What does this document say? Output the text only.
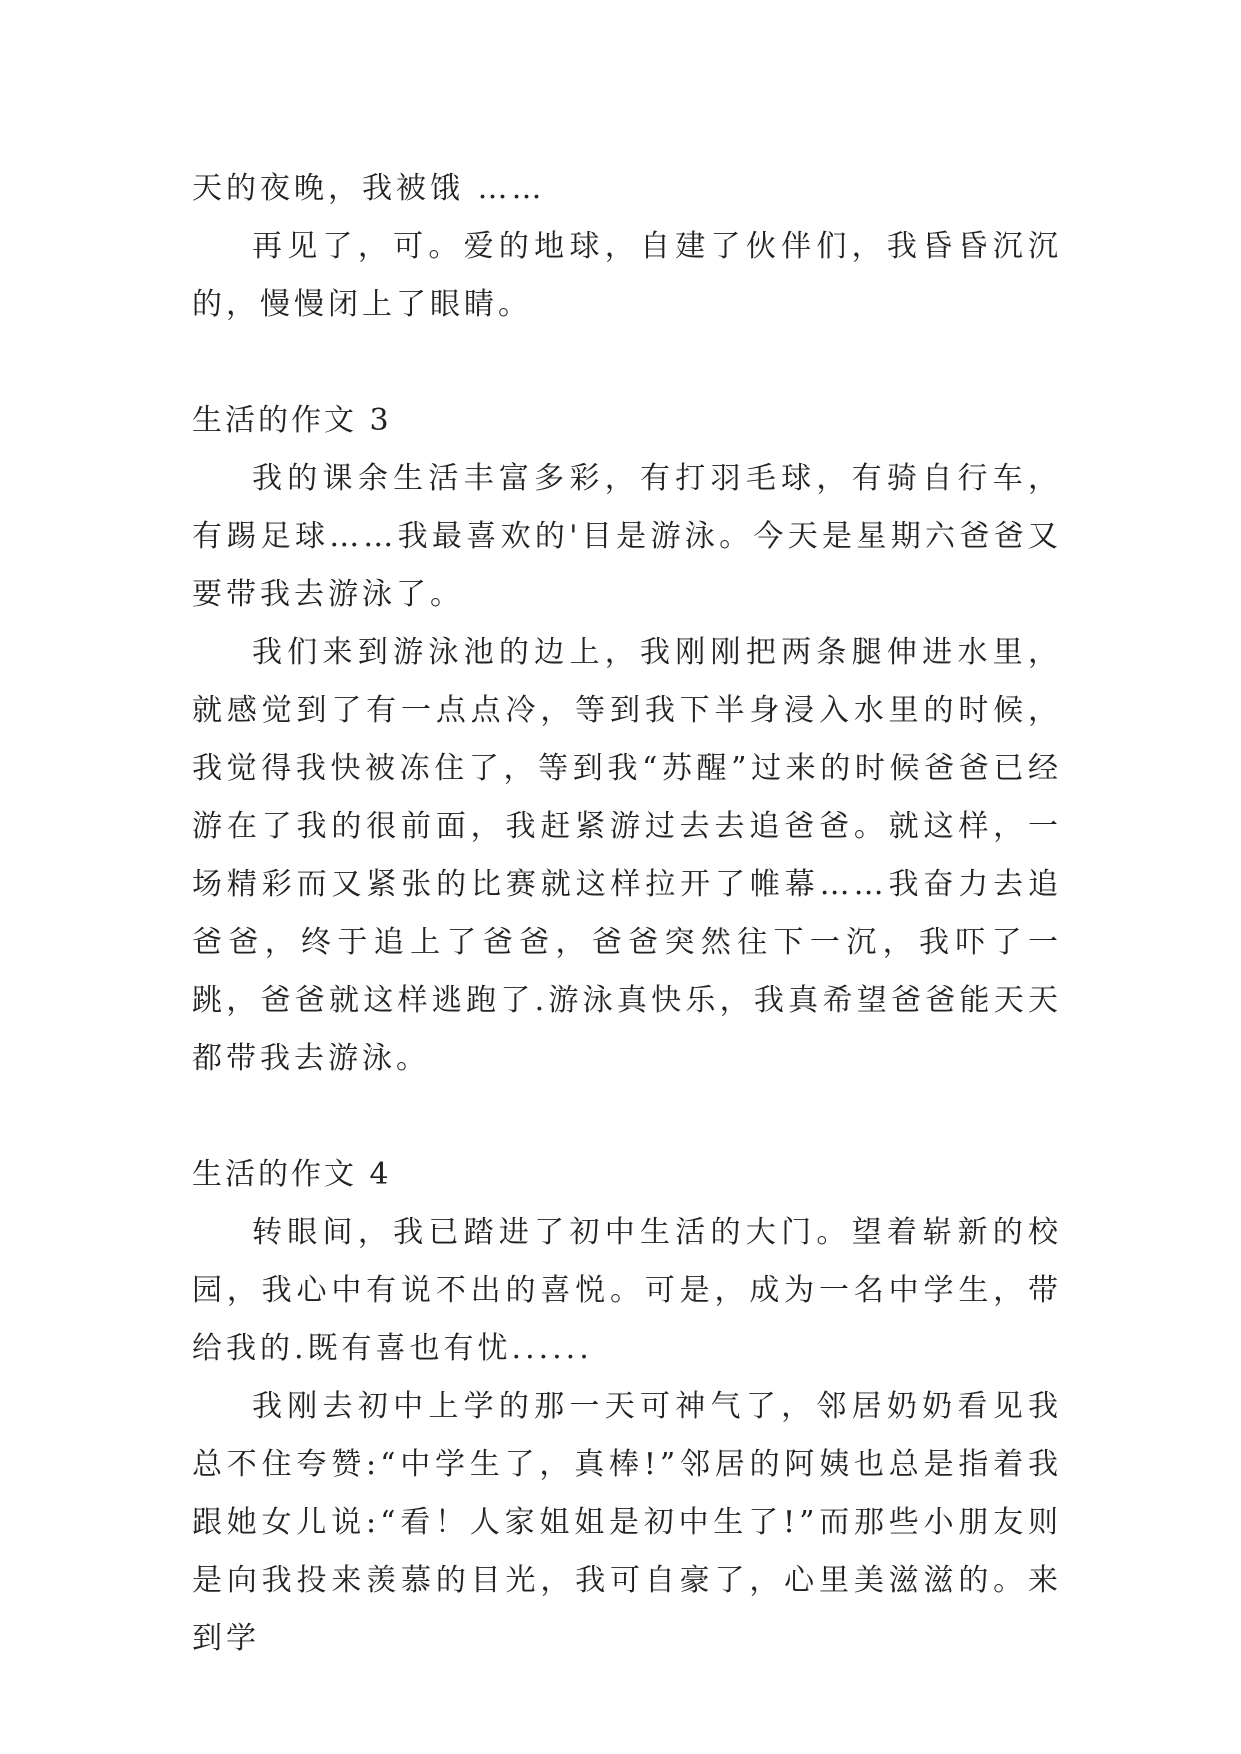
天的夜晚，我被饿 ……

再见了，可。爱的地球，自建了伙伴们，我昏昏沉沉的，慢慢闭上了眼睛。

生活的作文 3

我的课余生活丰富多彩，有打羽毛球，有骑自行车，有踢足球……我最喜欢的'目是游泳。今天是星期六爸爸又要带我去游泳了。

我们来到游泳池的边上，我刚刚把两条腿伸进水里，就感觉到了有一点点冷，等到我下半身浸入水里的时候，我觉得我快被冻住了，等到我“苏醒”过来的时候爸爸已经游在了我的很前面，我赶紧游过去去追爸爸。就这样，一场精彩而又紧张的比赛就这样拉开了帷幕……我奋力去追爸爸，终于追上了爸爸，爸爸突然往下一沉，我吓了一跳，爸爸就这样逃跑了.游泳真快乐，我真希望爸爸能天天都带我去游泳。

生活的作文 4

转眼间，我已踏进了初中生活的大门。望着崭新的校园，我心中有说不出的喜悦。可是，成为一名中学生，带给我的.既有喜也有忧......

我刚去初中上学的那一天可神气了，邻居奶奶看见我总不住夸赞:“中学生了，真棒!”邻居的阿姨也总是指着我跟她女儿说:“看！人家姐姐是初中生了!”而那些小朋友则是向我投来羡慕的目光，我可自豪了，心里美滋滋的。来到学
